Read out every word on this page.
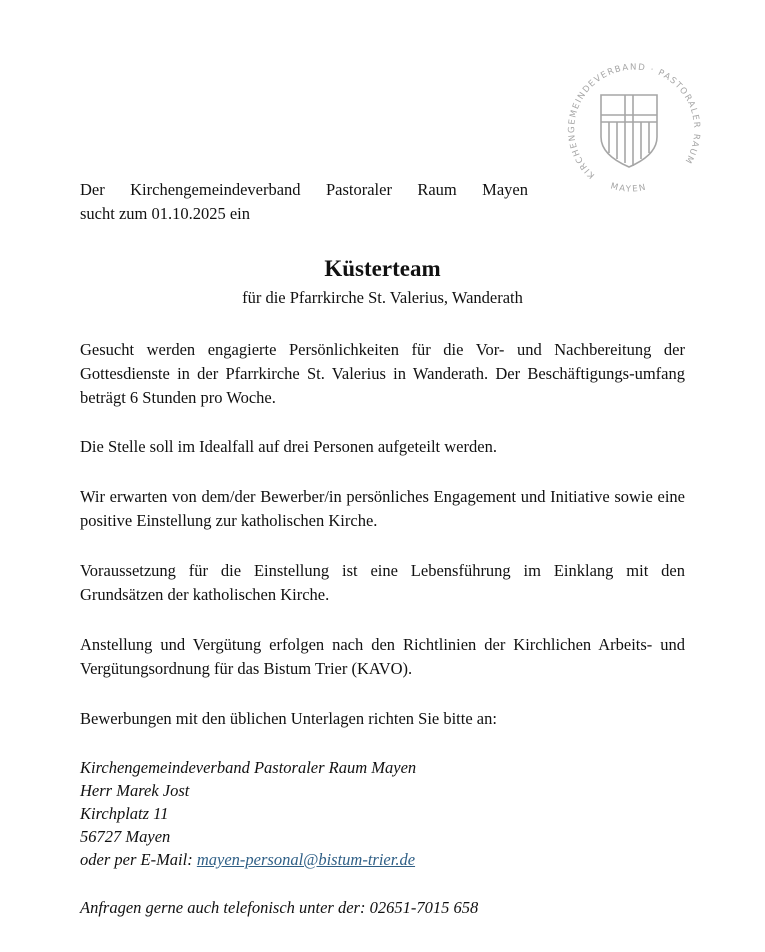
KIRCHENGEMEINDEVERBAND · PASTORALER RAUM
MAYEN
Der Kirchengemeindeverband Pastoraler Raum Mayen
sucht zum 01.10.2025 ein
Küsterteam

für die Pfarrkirche St. Valerius, Wanderath

Gesucht werden engagierte Persönlichkeiten für die Vor- und Nachbereitung der Gottesdienste in der Pfarrkirche St. Valerius in Wanderath. Der Beschäftigungs-umfang beträgt 6 Stunden pro Woche.

Die Stelle soll im Idealfall auf drei Personen aufgeteilt werden.

Wir erwarten von dem/der Bewerber/in persönliches Engagement und Initiative sowie eine positive Einstellung zur katholischen Kirche.

Voraussetzung für die Einstellung ist eine Lebensführung im Einklang mit den Grundsätzen der katholischen Kirche.

Anstellung und Vergütung erfolgen nach den Richtlinien der Kirchlichen Arbeits- und Vergütungsordnung für das Bistum Trier (KAVO).

Bewerbungen mit den üblichen Unterlagen richten Sie bitte an:

Kirchengemeindeverband Pastoraler Raum Mayen
Herr Marek Jost
Kirchplatz 11
56727 Mayen
oder per E-Mail: mayen-personal@bistum-trier.de

Anfragen gerne auch telefonisch unter der: 02651-7015 658
